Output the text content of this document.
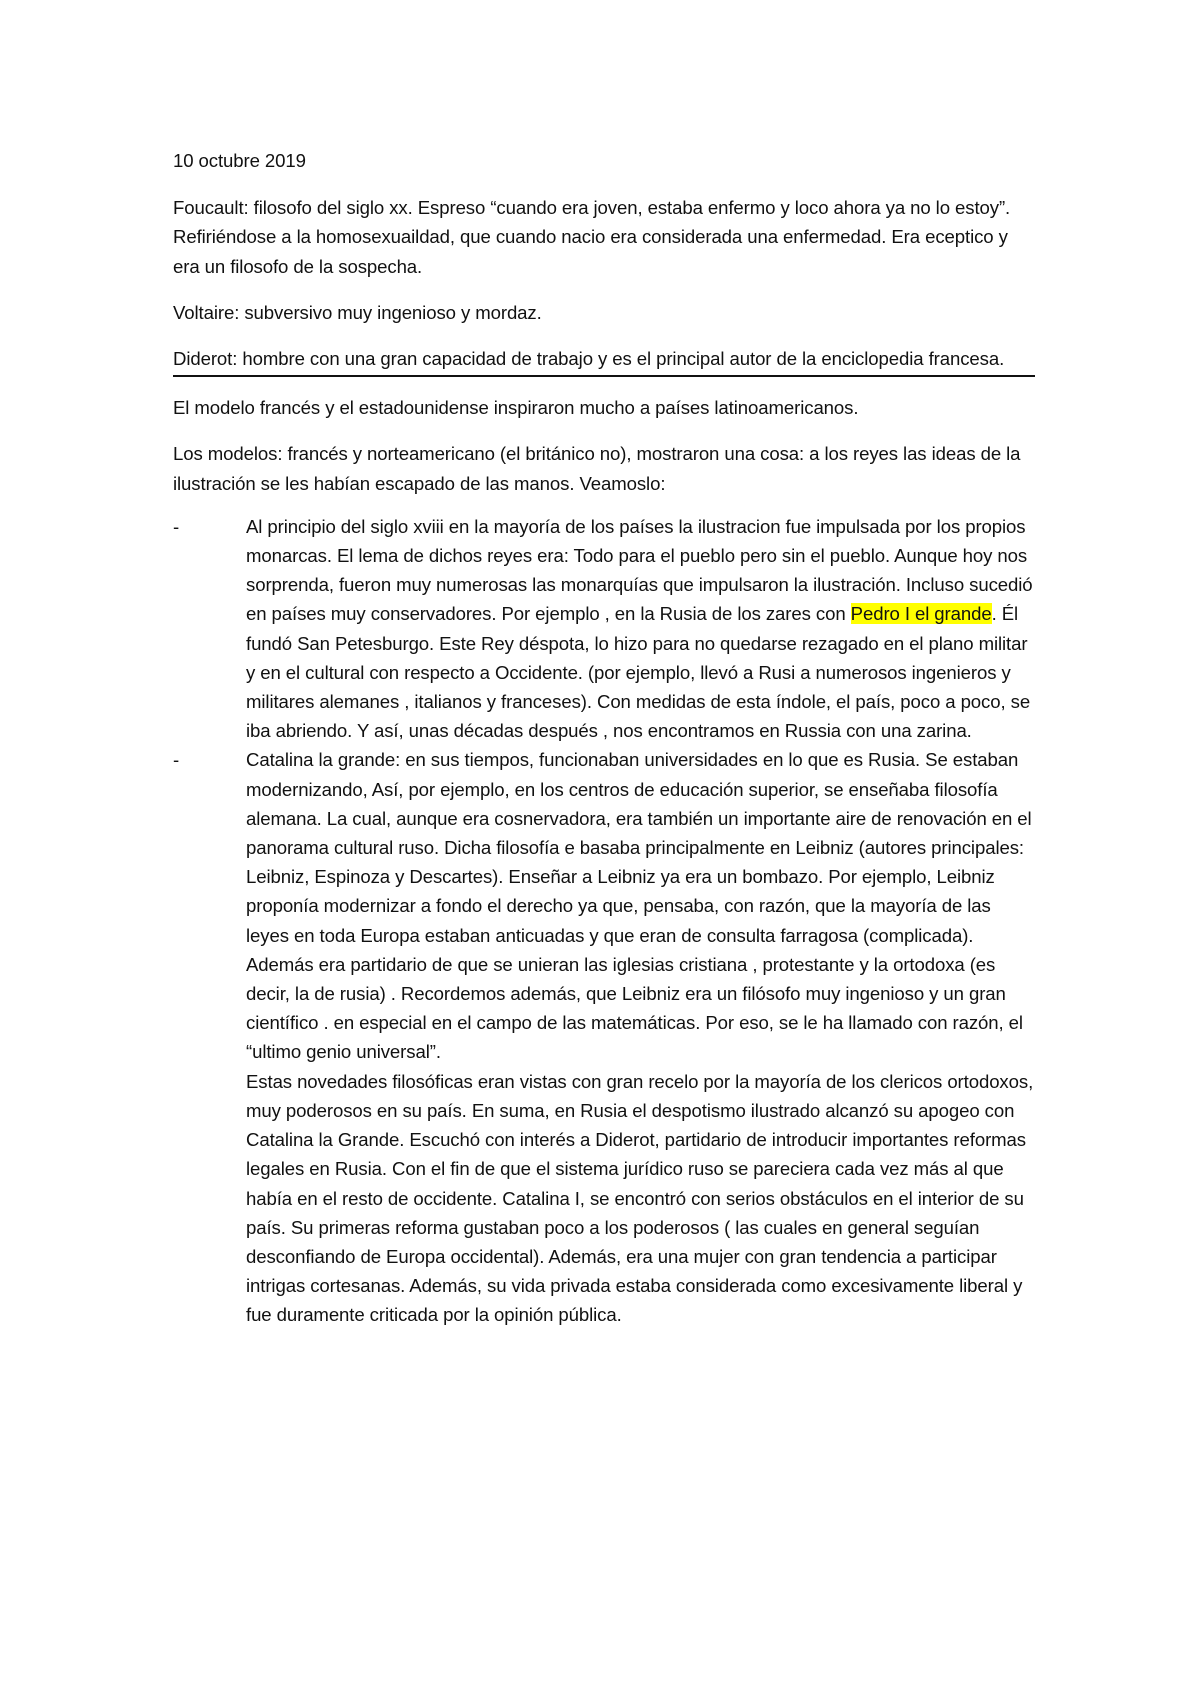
10 octubre 2019

Foucault: filosofo del siglo xx. Espreso “cuando era joven, estaba enfermo y loco ahora ya no lo estoy”. Refiriéndose a la homosexuaildad, que cuando nacio era considerada una enfermedad. Era eceptico y era un filosofo de la sospecha.

Voltaire: subversivo muy ingenioso y mordaz.

Diderot: hombre con una gran capacidad de trabajo y es el principal autor de la enciclopedia francesa.

El modelo francés y el estadounidense inspiraron mucho a países latinoamericanos.

Los modelos: francés y norteamericano (el británico no), mostraron una cosa: a los reyes las ideas de la ilustración se les habían escapado de las manos. Veamoslo:

-	Al principio del siglo xviii en la mayoría de los países la ilustracion fue impulsada por los propios monarcas. El lema de dichos reyes era: Todo para el pueblo pero sin el pueblo. Aunque hoy nos sorprenda, fueron muy numerosas las monarquías que impulsaron la ilustración. Incluso sucedió en países muy conservadores. Por ejemplo , en la Rusia de los zares con Pedro I el grande. Él fundó San Petesburgo. Este Rey déspota, lo hizo para no quedarse rezagado en el plano militar y en el cultural con respecto a Occidente. (por ejemplo, llevó a Rusi a numerosos ingenieros y militares alemanes , italianos y franceses). Con medidas de esta índole, el país, poco a poco, se iba abriendo. Y así, unas décadas después , nos encontramos en Russia con una zarina.
-	Catalina la grande: en sus tiempos, funcionaban universidades en lo que es Rusia. Se estaban modernizando, Así, por ejemplo, en los centros de educación superior, se enseñaba filosofía alemana. La cual, aunque era cosnervadora, era también un importante aire de renovación en el panorama cultural ruso. Dicha filosofía e basaba principalmente en Leibniz (autores principales: Leibniz, Espinoza y Descartes). Enseñar a Leibniz ya era un bombazo. Por ejemplo, Leibniz proponía modernizar a fondo el derecho ya que, pensaba, con razón, que la mayoría de las leyes en toda Europa estaban anticuadas y que eran de consulta farragosa (complicada). Además era partidario de que se unieran las iglesias cristiana , protestante y la ortodoxa (es decir, la de rusia) . Recordemos además, que Leibniz era un filósofo muy ingenioso y un gran científico . en especial en el campo de las matemáticas. Por eso, se le ha llamado con razón, el “ultimo genio universal”.

Estas novedades filosóficas eran vistas con gran recelo por la mayoría de los clericos ortodoxos, muy poderosos en su país. En suma, en Rusia el despotismo ilustrado alcanzó su apogeo con Catalina la Grande. Escuchó con interés a Diderot, partidario de introducir importantes reformas legales en Rusia. Con el fin de que el sistema jurídico ruso se pareciera cada vez más al que había en el resto de occidente. Catalina I, se encontró con serios obstáculos en el interior de su país. Su primeras reforma gustaban poco a los poderosos ( las cuales en general seguían desconfiando de Europa occidental). Además, era una mujer con gran tendencia a participar intrigas cortesanas. Además, su vida privada estaba considerada como excesivamente liberal y fue duramente criticada por la opinión pública.
